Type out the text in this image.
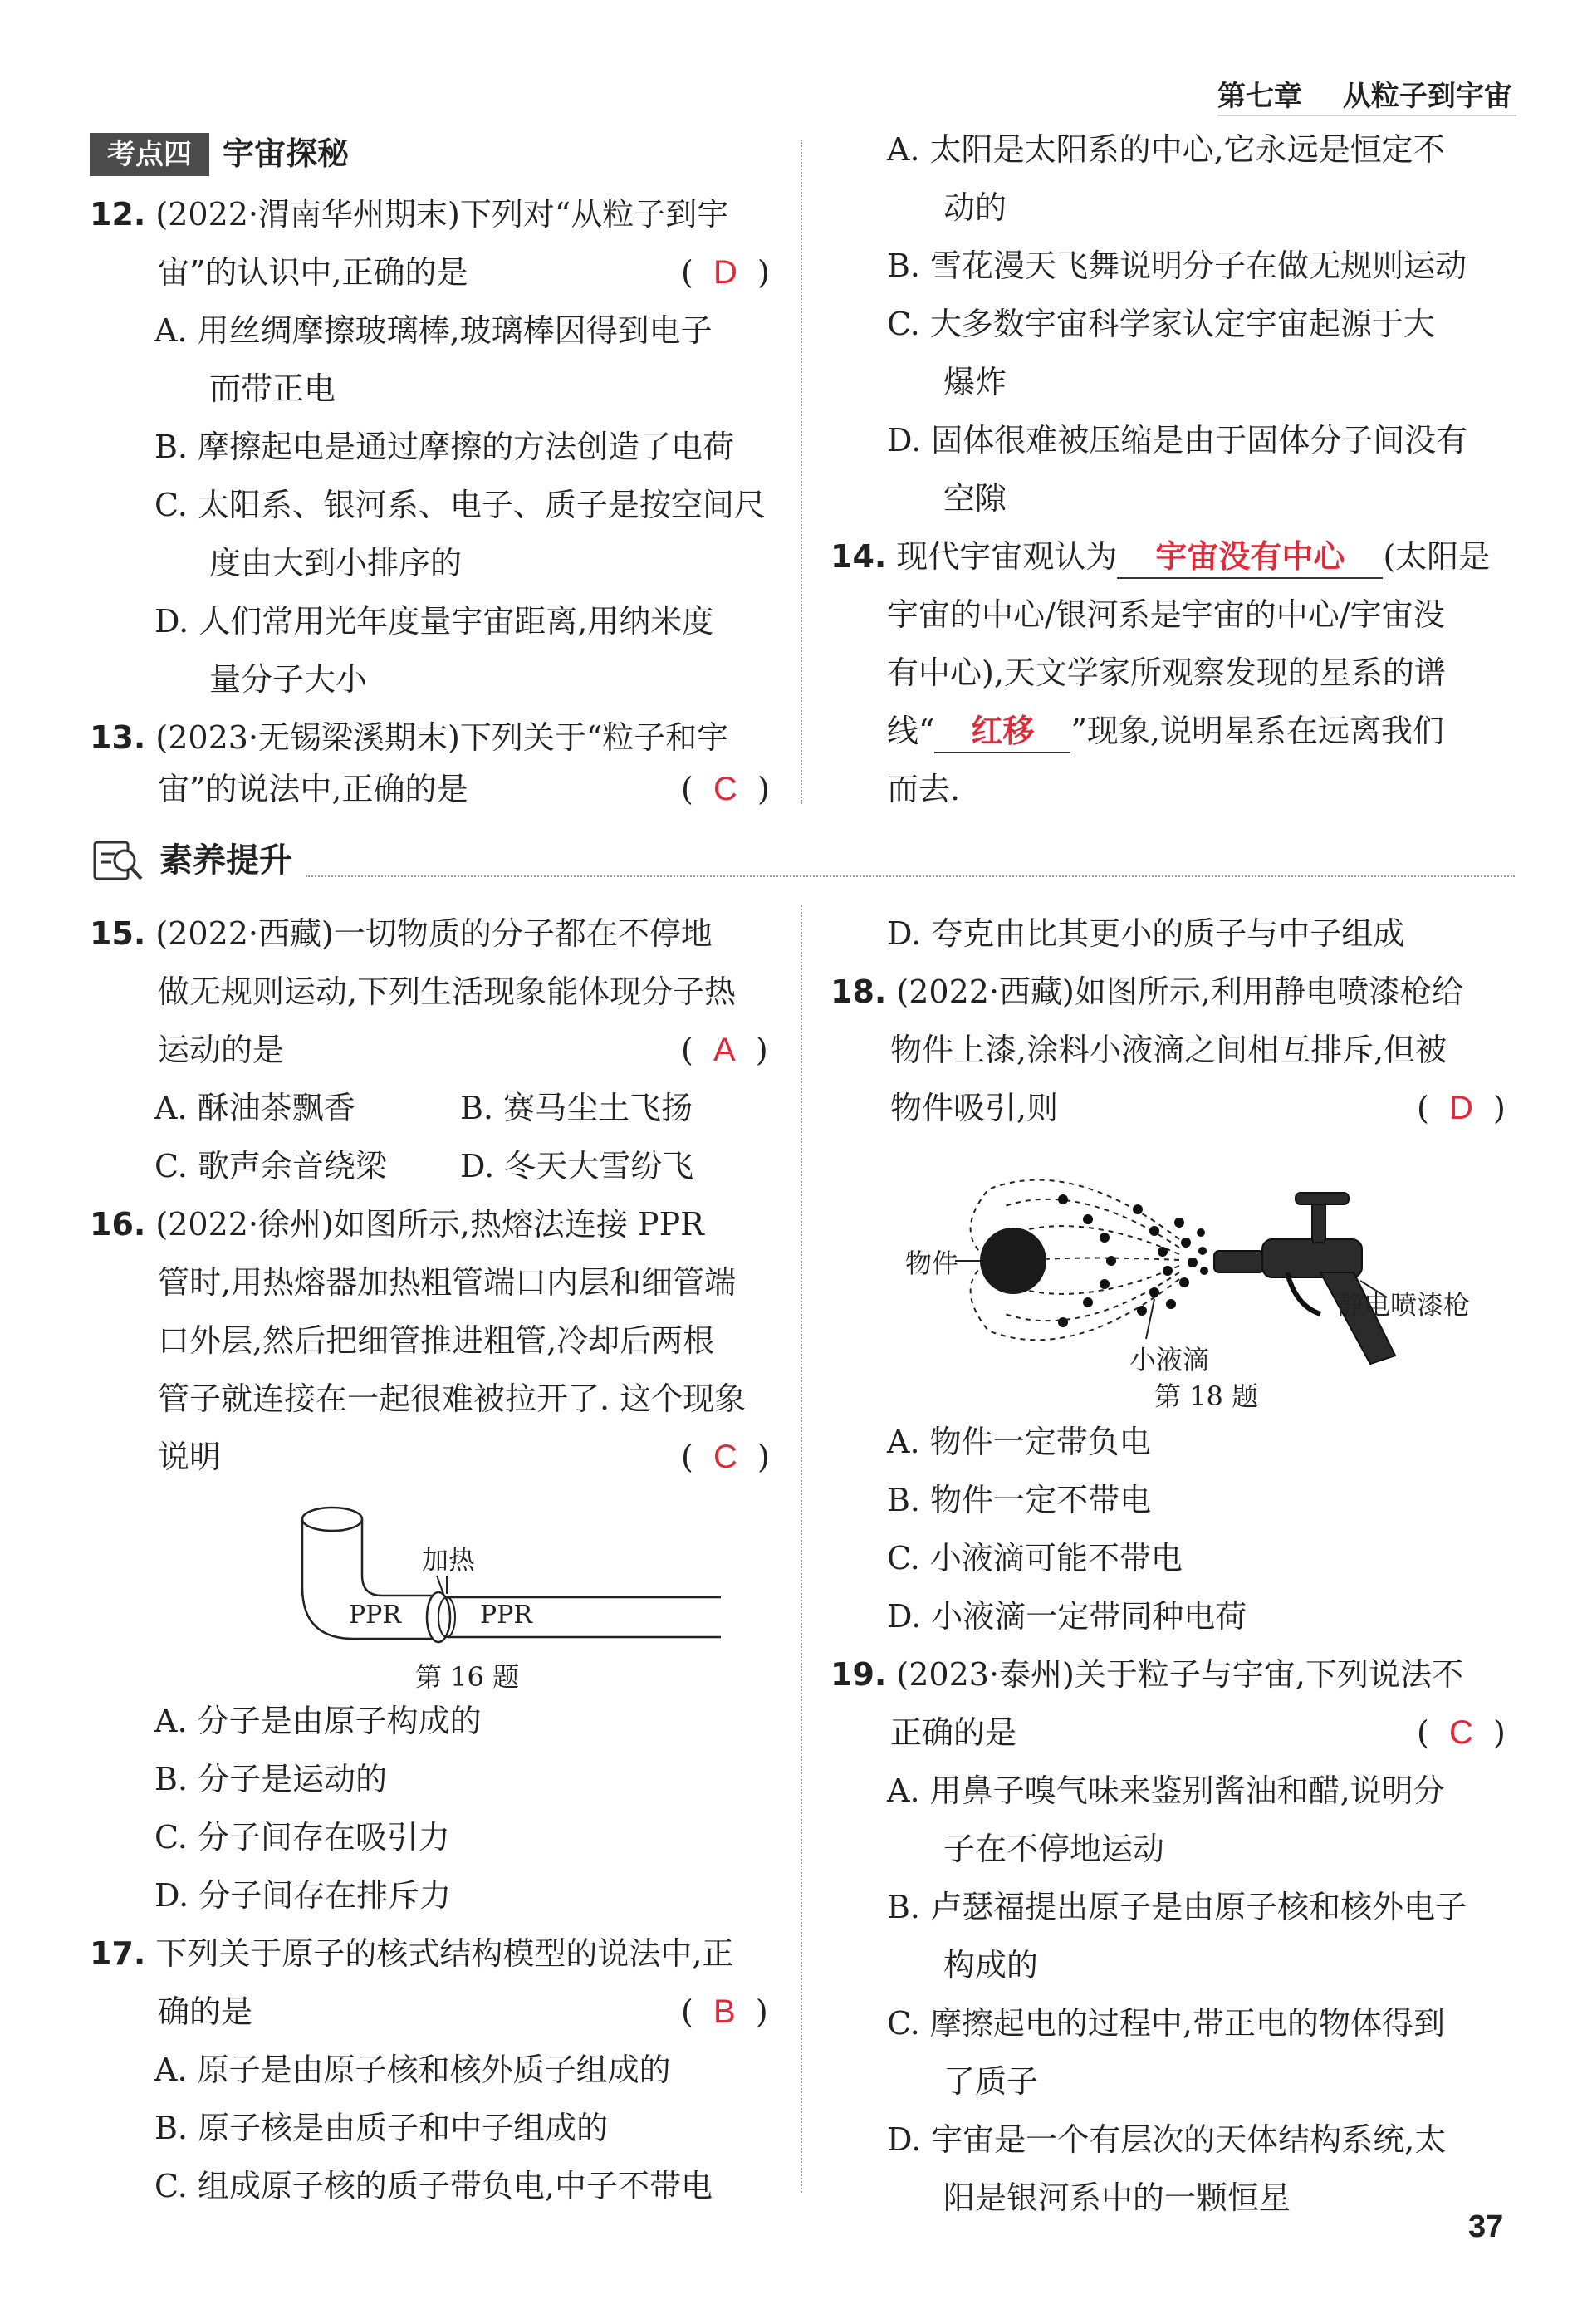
第七章 从粒子到宇宙
考点四 宇宙探秘
12. (2022·渭南华州期末)下列对“从粒子到宇
宙”的认识中,正确的是	(  D  )
A. 用丝绸摩擦玻璃棒,玻璃棒因得到电子
而带正电
B. 摩擦起电是通过摩擦的方法创造了电荷
C. 太阳系、银河系、电子、质子是按空间尺
度由大到小排序的
D. 人们常用光年度量宇宙距离,用纳米度
量分子大小
13. (2023·无锡梁溪期末)下列关于“粒子和宇
宙”的说法中,正确的是	(  C  )
A. 太阳是太阳系的中心,它永远是恒定不
动的
B. 雪花漫天飞舞说明分子在做无规则运动
C. 大多数宇宙科学家认定宇宙起源于大
爆炸
D. 固体很难被压缩是由于固体分子间没有
空隙
14. 现代宇宙观认为 宇宙没有中心 (太阳是
宇宙的中心/银河系是宇宙的中心/宇宙没
有中心),天文学家所观察发现的星系的谱
线“ 红移 ”现象,说明星系在远离我们
而去.
素养提升
15. (2022·西藏)一切物质的分子都在不停地
做无规则运动,下列生活现象能体现分子热
运动的是	(  A  )
A. 酥油茶飘香	B. 赛马尘土飞扬
C. 歌声余音绕梁 D. 冬天大雪纷飞
16. (2022·徐州)如图所示,热熔法连接 PPR
管时,用热熔器加热粗管端口内层和细管端
口外层,然后把细管推进粗管,冷却后两根
管子就连接在一起很难被拉开了. 这个现象
说明	(  C  )
加热
PPR	PPR
第 16 题
A. 分子是由原子构成的
B. 分子是运动的
C. 分子间存在吸引力
D. 分子间存在排斥力
17. 下列关于原子的核式结构模型的说法中,正
确的是	(  B  )
A. 原子是由原子核和核外质子组成的
B. 原子核是由质子和中子组成的
C. 组成原子核的质子带负电,中子不带电
D. 夸克由比其更小的质子与中子组成
18. (2022·西藏)如图所示,利用静电喷漆枪给
物件上漆,涂料小液滴之间相互排斥,但被
物件吸引,则	(  D  )
物件
小液滴
静电喷漆枪
第 18 题
A. 物件一定带负电
B. 物件一定不带电
C. 小液滴可能不带电
D. 小液滴一定带同种电荷
19. (2023·泰州)关于粒子与宇宙,下列说法不
正确的是	(  C  )
A. 用鼻子嗅气味来鉴别酱油和醋,说明分
子在不停地运动
B. 卢瑟福提出原子是由原子核和核外电子
构成的
C. 摩擦起电的过程中,带正电的物体得到
了质子
D. 宇宙是一个有层次的天体结构系统,太
阳是银河系中的一颗恒星
37
